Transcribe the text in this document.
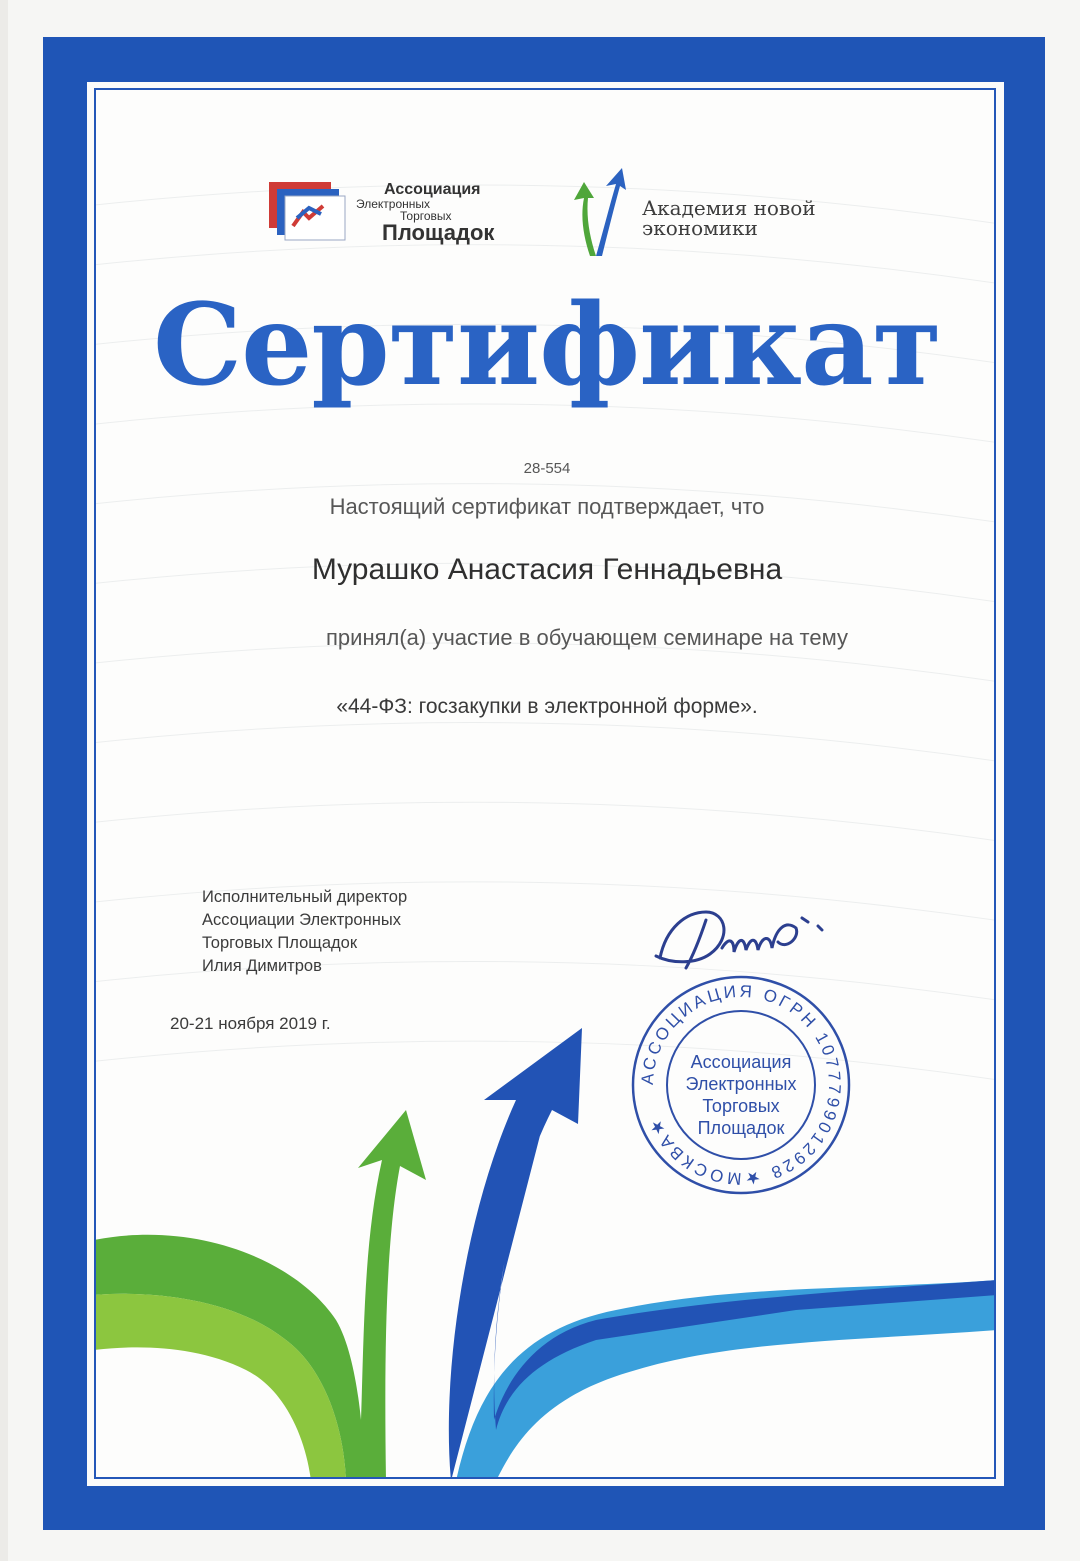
Ассоциация
Электронных
Торговых
Площадок
Академия новой
экономики
Сертификат
28-554
Настоящий сертификат подтверждает, что
Мурашко Анастасия Геннадьевна
принял(а) участие в обучающем семинаре на тему
«44-ФЗ: госзакупки в электронной форме».
Исполнительный директор
Ассоциации Электронных
Торговых Площадок
Илия Димитров
20-21 ноября 2019 г.
АССОЦИАЦИЯ ОГРН 1077799012928 ★МОСКВА★
Ассоциация
Электронных
Торговых
Площадок
